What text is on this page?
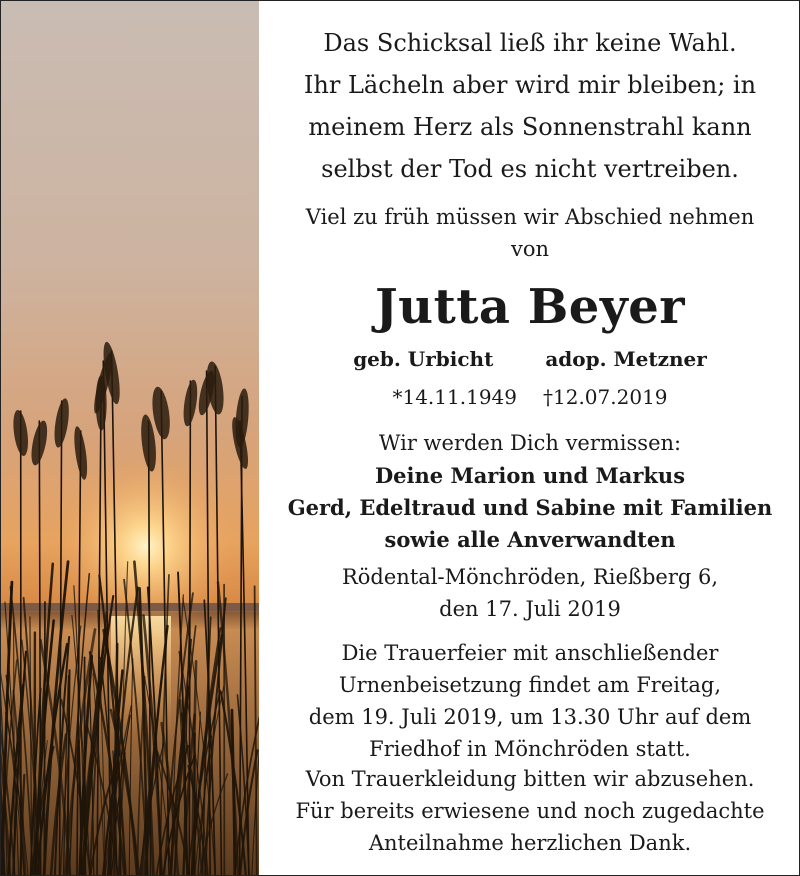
Das Schicksal ließ ihr keine Wahl.
Ihr Lächeln aber wird mir bleiben; in
meinem Herz als Sonnenstrahl kann
selbst der Tod es nicht vertreiben.
Viel zu früh müssen wir Abschied nehmen
von
Jutta Beyer
geb. Urbicht	adop. Metzner
*14.11.1949 †12.07.2019
Wir werden Dich vermissen:
Deine Marion und Markus
Gerd, Edeltraud und Sabine mit Familien
sowie alle Anverwandten
Rödental-Mönchröden, Rießberg 6,
den 17. Juli 2019
Die Trauerfeier mit anschließender
Urnenbeisetzung findet am Freitag,
dem 19. Juli 2019, um 13.30 Uhr auf dem
Friedhof in Mönchröden statt.
Von Trauerkleidung bitten wir abzusehen.
Für bereits erwiesene und noch zugedachte
Anteilnahme herzlichen Dank.
